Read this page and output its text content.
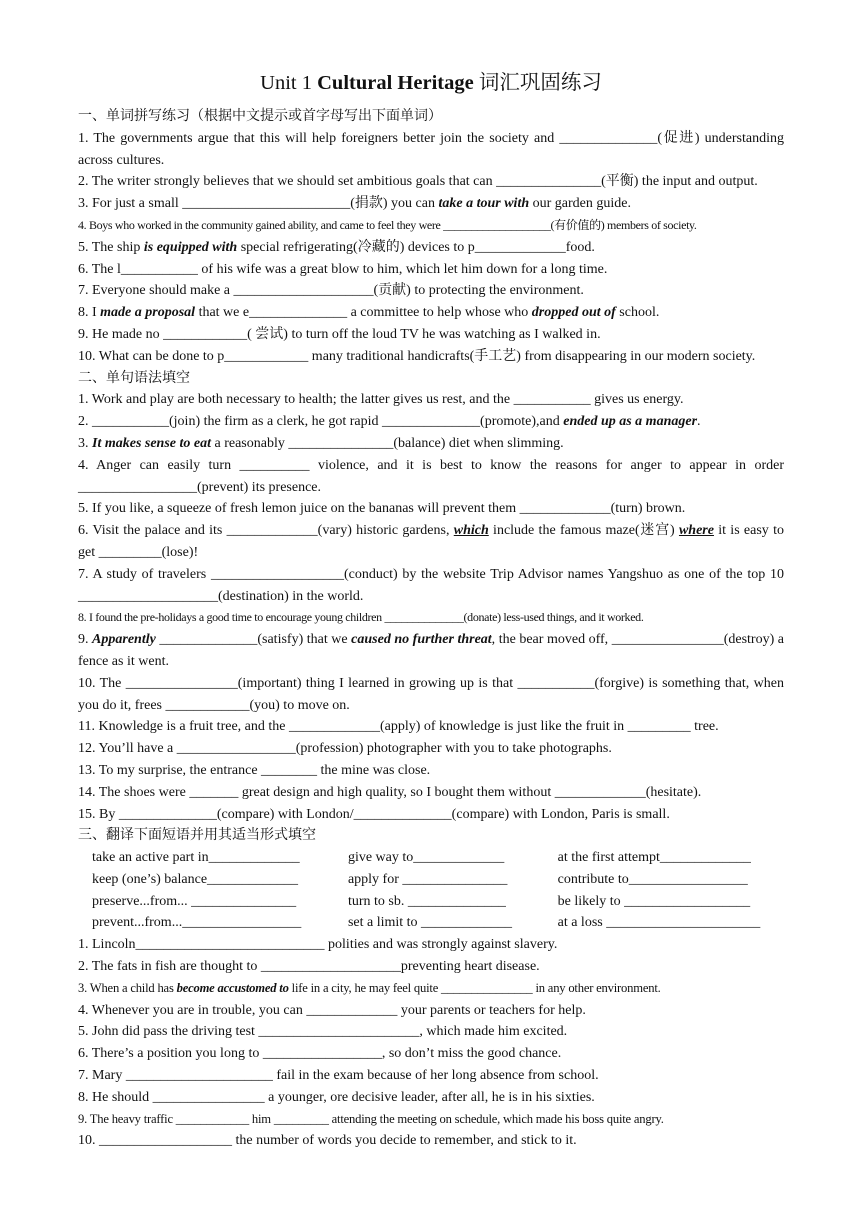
Unit 1 Cultural Heritage 词汇巩固练习
一、单词拼写练习（根据中文提示或首字母写出下面单词）
1. The governments argue that this will help foreigners better join the society and ______________(促进) understanding across cultures.
2. The writer strongly believes that we should set ambitious goals that can _______________(平衡) the input and output.
3. For just a small ________________________(捐款) you can take a tour with our garden guide.
4. Boys who worked in the community gained ability, and came to feel they were ___________________(有价值的) members of society.
5. The ship is equipped with special refrigerating(冷藏的) devices to p_____________food.
6. The l___________ of his wife was a great blow to him, which let him down for a long time.
7. Everyone should make a ____________________(贡献) to protecting the environment.
8. I made a proposal that we e______________ a committee to help whose who dropped out of school.
9. He made no ____________( 尝试) to turn off the loud TV he was watching as I walked in.
10. What can be done to p____________ many traditional handicrafts(手工艺) from disappearing in our modern society.
二、单句语法填空
1. Work and play are both necessary to health; the latter gives us rest, and the ___________ gives us energy.
2. ___________(join) the firm as a clerk, he got rapid ______________(promote),and ended up as a manager.
3. It makes sense to eat a reasonably _______________(balance) diet when slimming.
4. Anger can easily turn __________ violence, and it is best to know the reasons for anger to appear in order _________________(prevent) its presence.
5. If you like, a squeeze of fresh lemon juice on the bananas will prevent them _____________(turn) brown.
6. Visit the palace and its _____________(vary) historic gardens, which include the famous maze(迷宫) where it is easy to get _________(lose)!
7. A study of travelers ___________________(conduct) by the website Trip Advisor names Yangshuo as one of the top 10 ____________________(destination) in the world.
8. I found the pre-holidays a good time to encourage young children ______________(donate) less-used things, and it worked.
9. Apparently ______________(satisfy) that we caused no further threat, the bear moved off, ________________(destroy) a fence as it went.
10. The ________________(important) thing I learned in growing up is that ___________(forgive) is something that, when you do it, frees ____________(you) to move on.
11. Knowledge is a fruit tree, and the _____________(apply) of knowledge is just like the fruit in _________ tree.
12. You’ll have a _________________(profession) photographer with you to take photographs.
13. To my surprise, the entrance ________ the mine was close.
14. The shoes were _______ great design and high quality, so I bought them without _____________(hesitate).
15. By ______________(compare) with London/______________(compare) with London, Paris is small.
三、翻译下面短语并用其适当形式填空
take an active part in_____________	give way to_____________	at the first attempt_____________
keep (one’s) balance_____________	apply for _______________	contribute to_________________
preserve...from... _______________	turn to sb. ______________	be likely to __________________
prevent...from..._________________	set a limit to _____________	at a loss ______________________
1. Lincoln___________________________ polities and was strongly against slavery.
2. The fats in fish are thought to ____________________preventing heart disease.
3. When a child has become accustomed to life in a city, he may feel quite _______________ in any other environment.
4. Whenever you are in trouble, you can _____________ your parents or teachers for help.
5. John did pass the driving test _______________________, which made him excited.
6. There’s a position you long to _________________, so don’t miss the good chance.
7. Mary _____________________ fail in the exam because of her long absence from school.
8. He should ________________ a younger, ore decisive leader, after all, he is in his sixties.
9. The heavy traffic ____________ him _________ attending the meeting on schedule, which made his boss quite angry.
10. ___________________ the number of words you decide to remember, and stick to it.
